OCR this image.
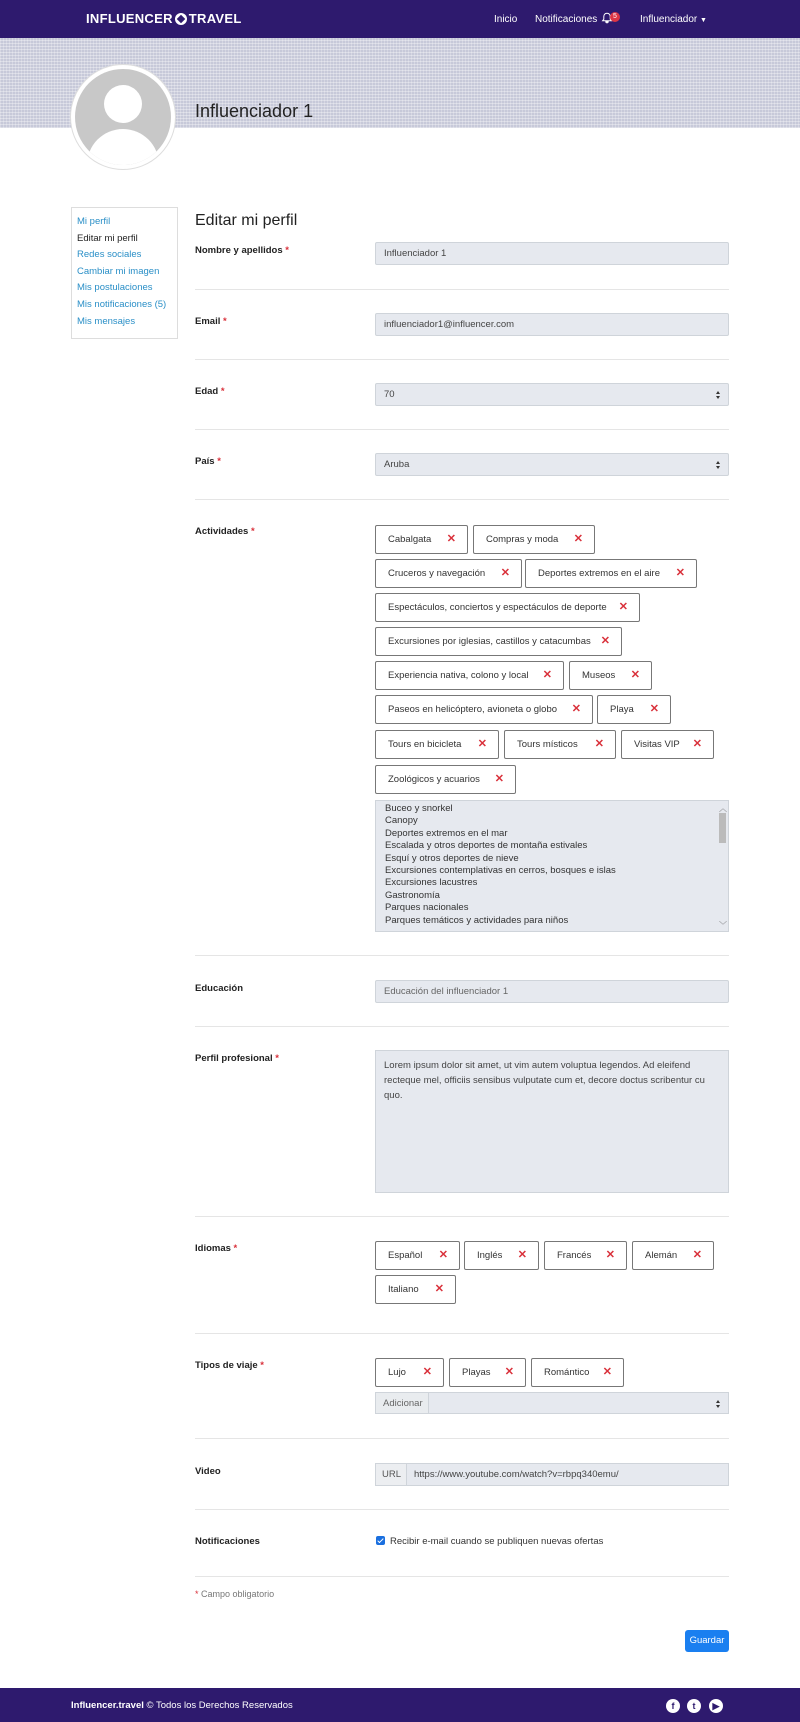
INFLUENCER TRAVEL	Inicio Notificaciones	5	Influenciador ▼
Influenciador 1
Mi perfil
Editar mi perfil
Redes sociales
Cambiar mi imagen
Mis postulaciones
Mis notificaciones (5)
Mis mensajes
Editar mi perfil
Nombre y apellidos *	Influenciador 1
Email *	influenciador1@influencer.com
Edad *	70
País *	Aruba
Actividades *
Cabalgata ✕	Compras y moda ✕
Cruceros y navegación ✕	Deportes extremos en el aire ✕
Espectáculos, conciertos y espectáculos de deporte ✕
Excursiones por iglesias, castillos y catacumbas ✕
Experiencia nativa, colono y local ✕	Museos ✕
Paseos en helicóptero, avioneta o globo ✕	Playa ✕
Tours en bicicleta ✕	Tours místicos ✕	Visitas VIP ✕
Zoológicos y acuarios ✕
Buceo y snorkel
Canopy
Deportes extremos en el mar
Escalada y otros deportes de montaña estivales
Esquí y otros deportes de nieve
Excursiones contemplativas en cerros, bosques e islas
Excursiones lacustres
Gastronomía
Parques nacionales
Parques temáticos y actividades para niños
︿
﹀
Educación	Educación del influenciador 1
Perfil profesional *
Lorem ipsum dolor sit amet, ut vim autem voluptua legendos. Ad eleifend recteque mel, officiis sensibus vulputate cum et, decore doctus scribentur cu quo.
Idiomas *
Español ✕	Inglés ✕	Francés ✕	Alemán ✕
Italiano ✕
Tipos de viaje *
Lujo ✕	Playas ✕	Romántico ✕
Adicionar
Video	URL	https://www.youtube.com/watch?v=rbpq340emu/
Notificaciones	Recibir e-mail cuando se publiquen nuevas ofertas
* Campo obligatorio
Guardar
Influencer.travel © Todos los Derechos Reservados	f	t	▶
